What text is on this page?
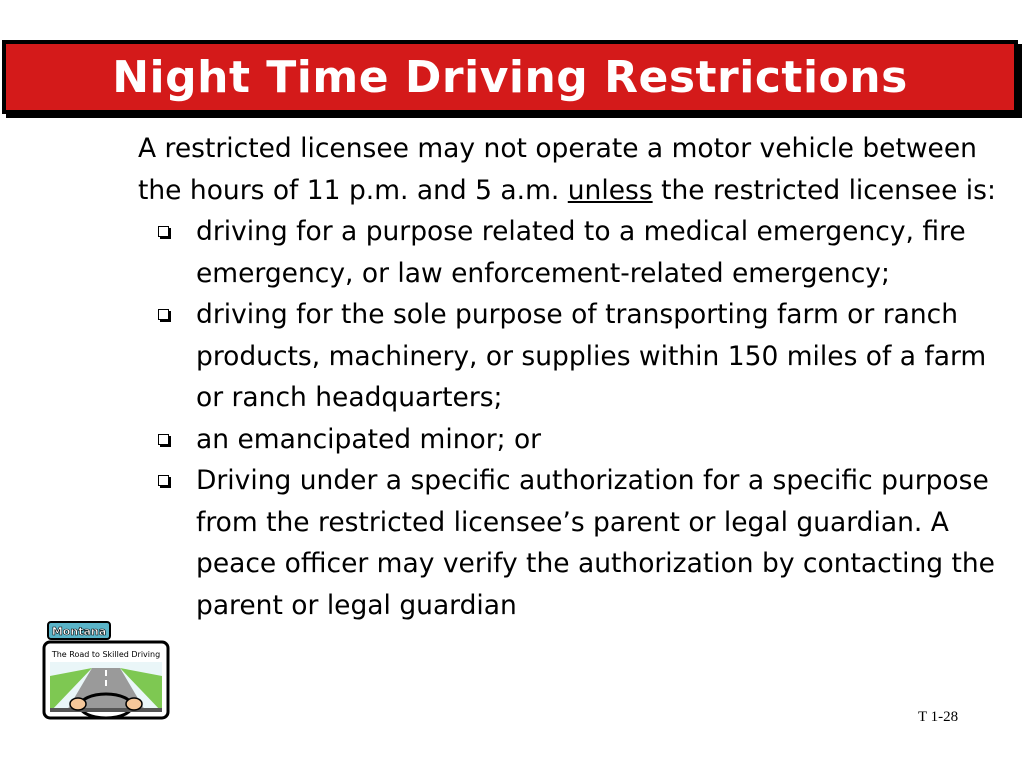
Night Time Driving Restrictions

A restricted licensee may not operate a motor vehicle between the hours of 11 p.m. and 5 a.m. unless the restricted licensee is:

driving for a purpose related to a medical emergency, fire emergency, or law enforcement-related emergency;
driving for the sole purpose of transporting farm or ranch products, machinery, or supplies within 150 miles of a farm or ranch headquarters;
an emancipated minor; or
Driving under a specific authorization for a specific purpose from the restricted licensee’s parent or legal guardian. A peace officer may verify the authorization by contacting the parent or legal guardian
Montana
The Road to Skilled Driving
T 1-28
